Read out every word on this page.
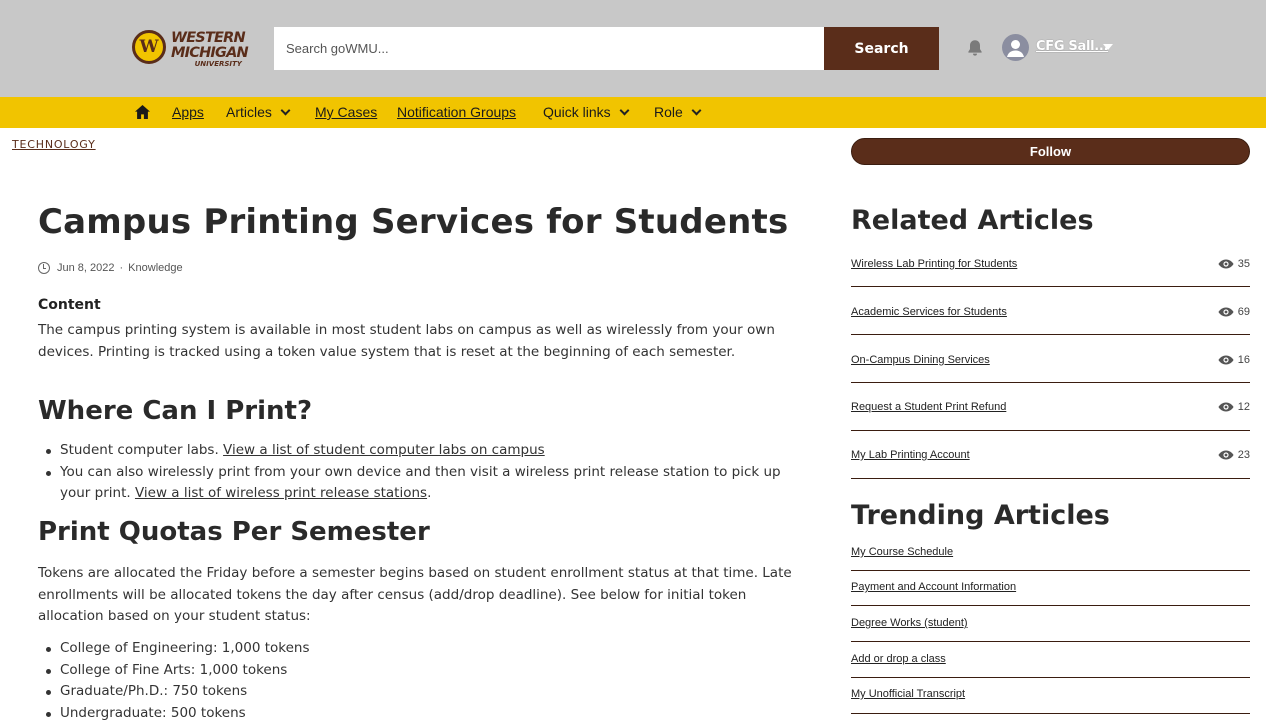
W WESTERN
MICHIGAN
UNIVERSITY
Search goWMU...
Search	CFG Sall...
Apps Articles	My Cases Notification Groups Quick links	Role
TECHNOLOGY
Campus Printing Services for Students
Jun 8, 2022 · Knowledge
Content

The campus printing system is available in most student labs on campus as well as wirelessly from your own devices. Printing is tracked using a token value system that is reset at the beginning of each semester.

Where Can I Print?
Student computer labs. View a list of student computer labs on campus
You can also wirelessly print from your own device and then visit a wireless print release station to pick up your print. View a list of wireless print release stations.
Print Quotas Per Semester

Tokens are allocated the Friday before a semester begins based on student enrollment status at that time. Late enrollments will be allocated tokens the day after census (add/drop deadline). See below for initial token allocation based on your student status:

College of Engineering: 1,000 tokens
College of Fine Arts: 1,000 tokens
Graduate/Ph.D.: 750 tokens
Undergraduate: 500 tokens
Follow
Related Articles
Wireless Lab Printing for Students	35
Academic Services for Students	69
On-Campus Dining Services	16
Request a Student Print Refund	12
My Lab Printing Account	23
Trending Articles
My Course Schedule
Payment and Account Information
Degree Works (student)
Add or drop a class
My Unofficial Transcript
